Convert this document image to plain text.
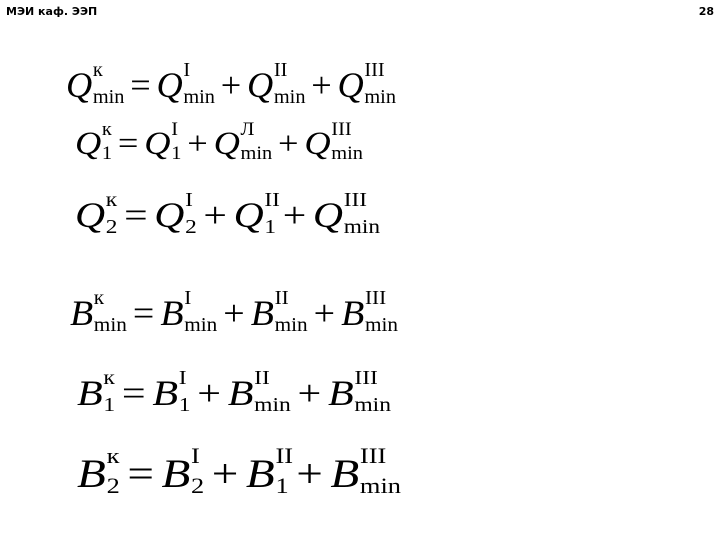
МЭИ каф. ЭЭП	28
Q $^к$
min = Q $^I$
min + Q $^{II}$
min + Q $^{III}$
min
Q $^к$
1 = Q $^I$
1 + Q $^Л$
min + Q $^{III}$
min
Q $^к$
2 = Q $^I$
2 + Q $^{II}$
1 + Q $^{III}$
min
B $^к$
min = B $^I$
min + B $^{II}$
min + B $^{III}$
min
B $^к$
1 = B $^I$
1 + B $^{II}$
min + B $^{III}$
min
B $^к$
2 = B $^I$
2 + B $^{II}$
1 + B $^{III}$
min
